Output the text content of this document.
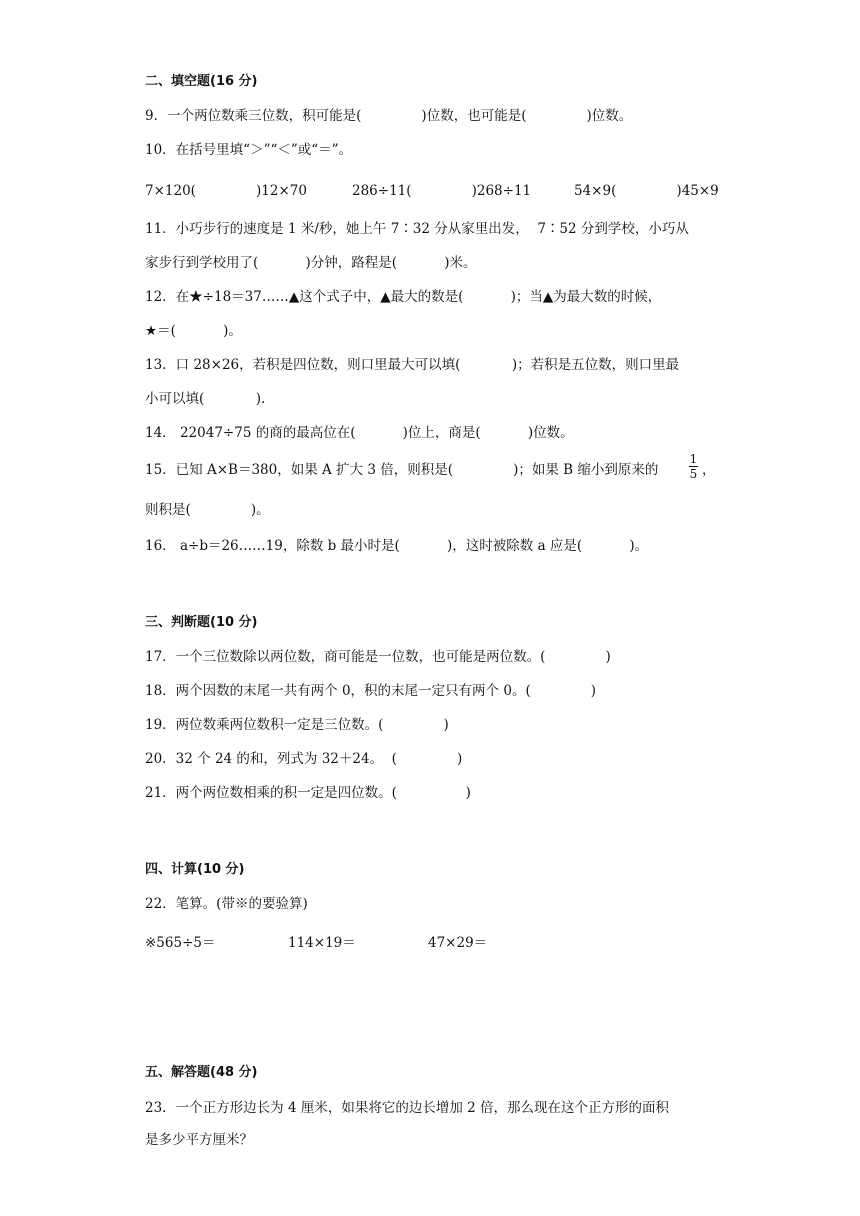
二、填空题(16 分)
9．一个两位数乘三位数，积可能是(              )位数，也可能是(              )位数。
10．在括号里填“＞”“＜”或“＝”。
7×120(              )12×70	286÷11(              )268÷11	54×9(              )45×9
11．小巧步行的速度是 1 米/秒，她上午 7∶32 分从家里出发，  7∶52 分到学校，小巧从
家步行到学校用了(           )分钟，路程是(           )米。
12．在★÷18＝37……▲这个式子中，▲最大的数是(           )；当▲为最大数的时候，
★＝(           )。
13．口 28×26，若积是四位数，则口里最大可以填(            )；若积是五位数，则口里最
小可以填(            ).
14． 22047÷75 的商的最高位在(           )位上，商是(           )位数。
15．已知 A×B＝380，如果 A 扩大 3 倍，则积是(              )；如果 B 缩小到原来的
1
5 ，
则积是(              )。
16． a÷b＝26……19，除数 b 最小时是(           )，这时被除数 a 应是(           )。
三、判断题(10 分)
17．一个三位数除以两位数，商可能是一位数，也可能是两位数。(              )
18．两个因数的末尾一共有两个 0，积的末尾一定只有两个 0。(              )
19．两位数乘两位数积一定是三位数。(              )
20．32 个 24 的和，列式为 32＋24。  (              )
21．两个两位数相乘的积一定是四位数。(                )
四、计算(10 分)
22．笔算。(带※的要验算)
※565÷5＝	114×19＝	47×29＝
五、解答题(48 分)
23．一个正方形边长为 4 厘米，如果将它的边长增加 2 倍，那么现在这个正方形的面积
是多少平方厘米？
